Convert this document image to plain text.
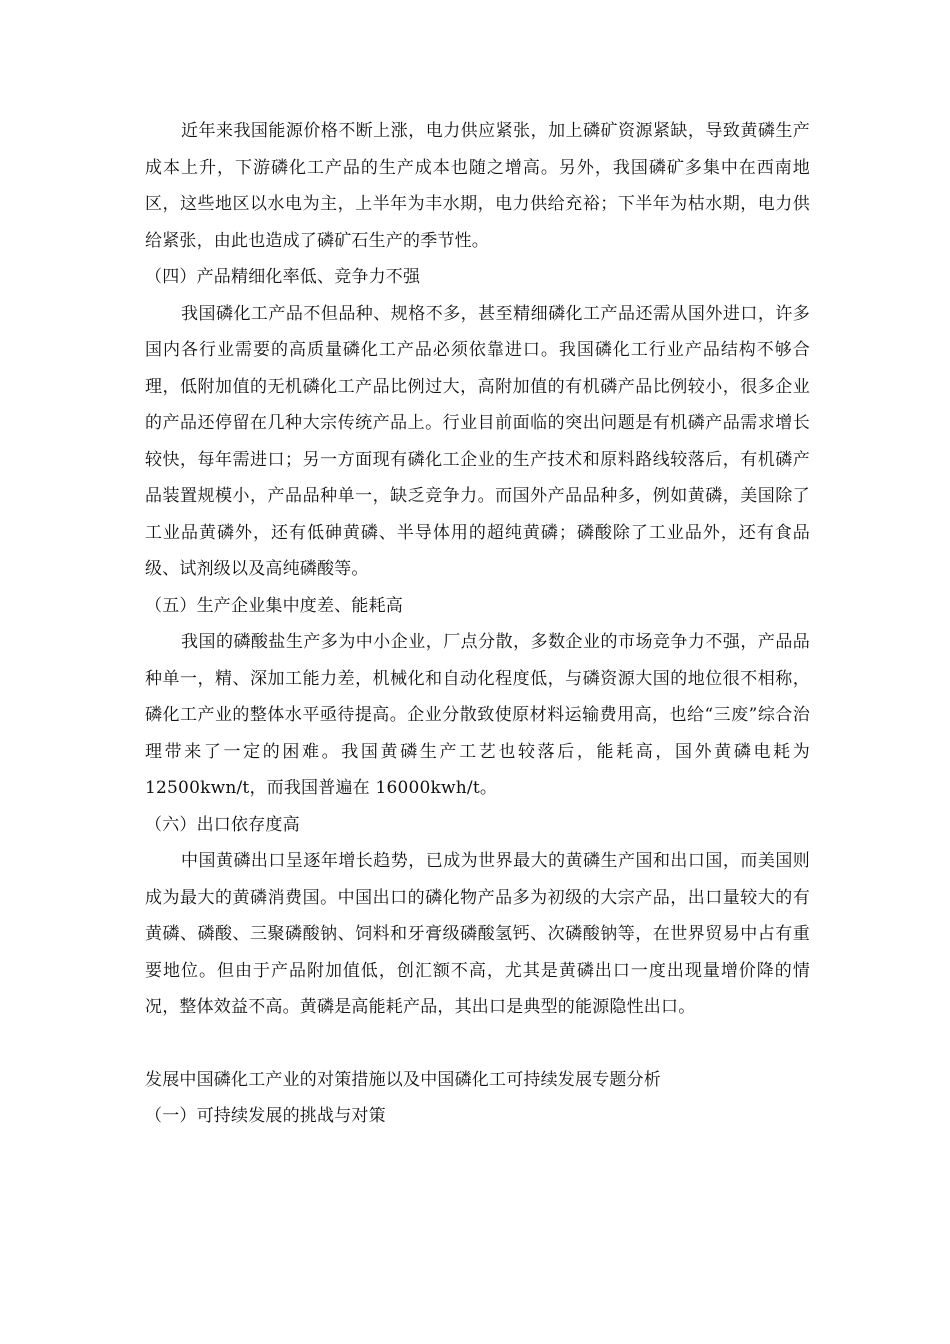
近年来我国能源价格不断上涨，电力供应紧张，加上磷矿资源紧缺，导致黄磷生产成本上升，下游磷化工产品的生产成本也随之增高。另外，我国磷矿多集中在西南地区，这些地区以水电为主，上半年为丰水期，电力供给充裕；下半年为枯水期，电力供给紧张，由此也造成了磷矿石生产的季节性。

（四）产品精细化率低、竞争力不强

我国磷化工产品不但品种、规格不多，甚至精细磷化工产品还需从国外进口，许多国内各行业需要的高质量磷化工产品必须依靠进口。我国磷化工行业产品结构不够合理，低附加值的无机磷化工产品比例过大，高附加值的有机磷产品比例较小，很多企业的产品还停留在几种大宗传统产品上。行业目前面临的突出问题是有机磷产品需求增长较快，每年需进口；另一方面现有磷化工企业的生产技术和原料路线较落后，有机磷产品装置规模小，产品品种单一，缺乏竞争力。而国外产品品种多，例如黄磷，美国除了工业品黄磷外，还有低砷黄磷、半导体用的超纯黄磷；磷酸除了工业品外，还有食品级、试剂级以及高纯磷酸等。

（五）生产企业集中度差、能耗高

我国的磷酸盐生产多为中小企业，厂点分散，多数企业的市场竞争力不强，产品品种单一，精、深加工能力差，机械化和自动化程度低，与磷资源大国的地位很不相称，磷化工产业的整体水平亟待提高。企业分散致使原材料运输费用高，也给“三废”综合治理带来了一定的困难。我国黄磷生产工艺也较落后，能耗高，国外黄磷电耗为 12500kwn/t，而我国普遍在 16000kwh/t。

（六）出口依存度高

中国黄磷出口呈逐年增长趋势，已成为世界最大的黄磷生产国和出口国，而美国则成为最大的黄磷消费国。中国出口的磷化物产品多为初级的大宗产品，出口量较大的有黄磷、磷酸、三聚磷酸钠、饲料和牙膏级磷酸氢钙、次磷酸钠等，在世界贸易中占有重要地位。但由于产品附加值低，创汇额不高，尤其是黄磷出口一度出现量增价降的情况，整体效益不高。黄磷是高能耗产品，其出口是典型的能源隐性出口。

发展中国磷化工产业的对策措施以及中国磷化工可持续发展专题分析

（一）可持续发展的挑战与对策
